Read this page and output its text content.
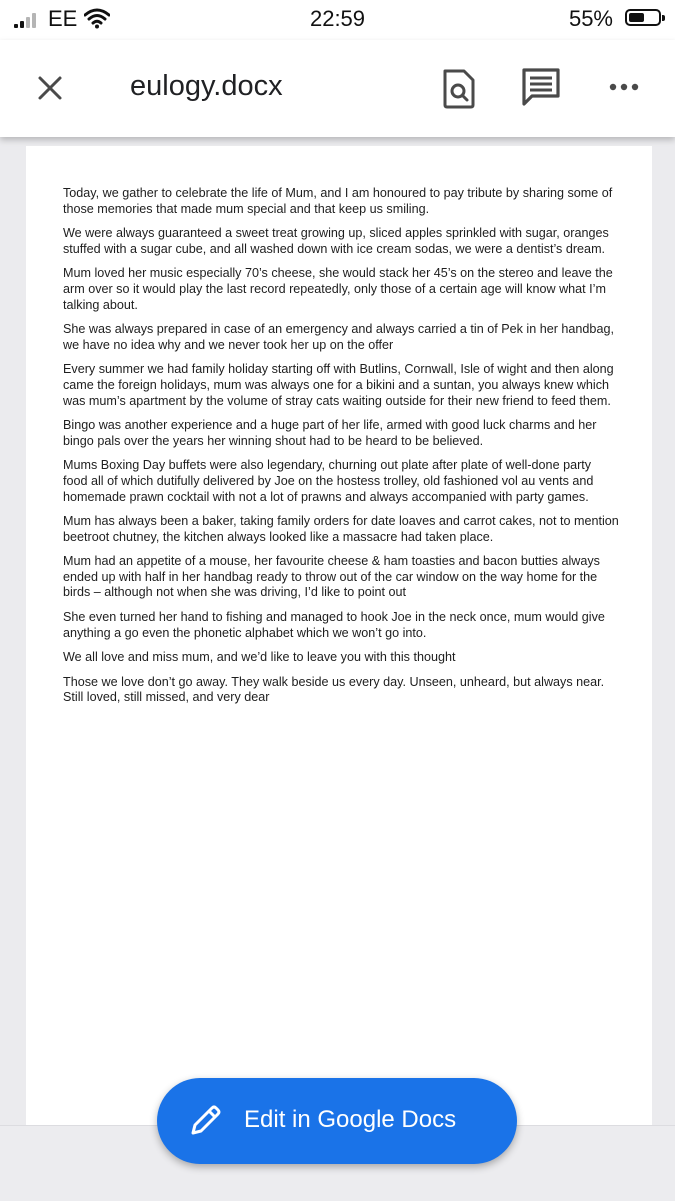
EE	22:59	55%
eulogy.docx

Today, we gather to celebrate the life of Mum, and I am honoured to pay tribute by sharing some of those memories that made mum special and that keep us smiling.

We were always guaranteed a sweet treat growing up, sliced apples sprinkled with sugar, oranges stuffed with a sugar cube, and all washed down with ice cream sodas, we were a dentist’s dream.

Mum loved her music especially 70’s cheese, she would stack her 45’s on the stereo and leave the arm over so it would play the last record repeatedly, only those of a certain age will know what I’m talking about.

She was always prepared in case of an emergency and always carried a tin of Pek in her handbag, we have no idea why and we never took her up on the offer

Every summer we had family holiday starting off with Butlins, Cornwall, Isle of wight and then along came the foreign holidays, mum was always one for a bikini and a suntan, you always knew which was mum’s apartment by the volume of stray cats waiting outside for their new friend to feed them.

Bingo was another experience and a huge part of her life, armed with good luck charms and her bingo pals over the years her winning shout had to be heard to be believed.

Mums Boxing Day buffets were also legendary, churning out plate after plate of well-done party food all of which dutifully delivered by Joe on the hostess trolley, old fashioned vol au vents and homemade prawn cocktail with not a lot of prawns and always accompanied with party games.

Mum has always been a baker, taking family orders for date loaves and carrot cakes, not to mention beetroot chutney, the kitchen always looked like a massacre had taken place.

Mum had an appetite of a mouse, her favourite cheese & ham toasties and bacon butties always ended up with half in her handbag ready to throw out of the car window on the way home for the birds – although not when she was driving, I’d like to point out

She even turned her hand to fishing and managed to hook Joe in the neck once, mum would give anything a go even the phonetic alphabet which we won’t go into.

We all love and miss mum, and we’d like to leave you with this thought

Those we love don’t go away. They walk beside us every day. Unseen, unheard, but always near. Still loved, still missed, and very dear

Edit in Google Docs
